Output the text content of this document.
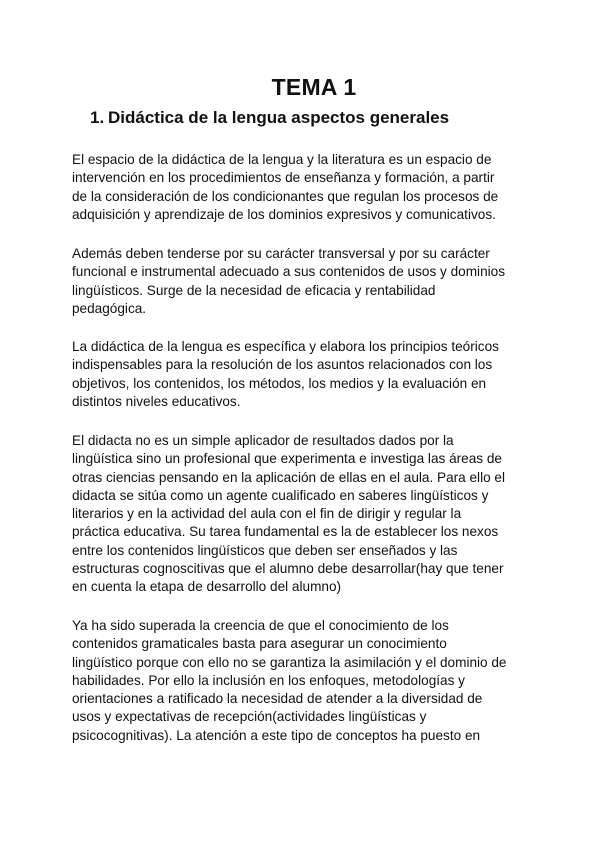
TEMA 1
1. Didáctica de la lengua aspectos generales

El espacio de la didáctica de la lengua y la literatura es un espacio de
intervención en los procedimientos de enseñanza y formación, a partir
de la consideración de los condicionantes que regulan los procesos de
adquisición y aprendizaje de los dominios expresivos y comunicativos.

Además deben tenderse por su carácter transversal y por su carácter
funcional e instrumental adecuado a sus contenidos de usos y dominios
lingüísticos. Surge de la necesidad de eficacia y rentabilidad
pedagógica.

La didáctica de la lengua es específica y elabora los principios teóricos
indispensables para la resolución de los asuntos relacionados con los
objetivos, los contenidos, los métodos, los medios y la evaluación en
distintos niveles educativos.

El didacta no es un simple aplicador de resultados dados por la
lingüística sino un profesional que experimenta e investiga las áreas de
otras ciencias pensando en la aplicación de ellas en el aula. Para ello el
didacta se sitúa como un agente cualificado en saberes lingüísticos y
literarios y en la actividad del aula con el fin de dirigir y regular la
práctica educativa. Su tarea fundamental es la de establecer los nexos
entre los contenidos lingüísticos que deben ser enseñados y las
estructuras cognoscitivas que el alumno debe desarrollar(hay que tener
en cuenta la etapa de desarrollo del alumno)

Ya ha sido superada la creencia de que el conocimiento de los
contenidos gramaticales basta para asegurar un conocimiento
lingüístico porque con ello no se garantiza la asimilación y el dominio de
habilidades. Por ello la inclusión en los enfoques, metodologías y
orientaciones a ratificado la necesidad de atender a la diversidad de
usos y expectativas de recepción(actividades lingüísticas y
psicocognitivas). La atención a este tipo de conceptos ha puesto en
